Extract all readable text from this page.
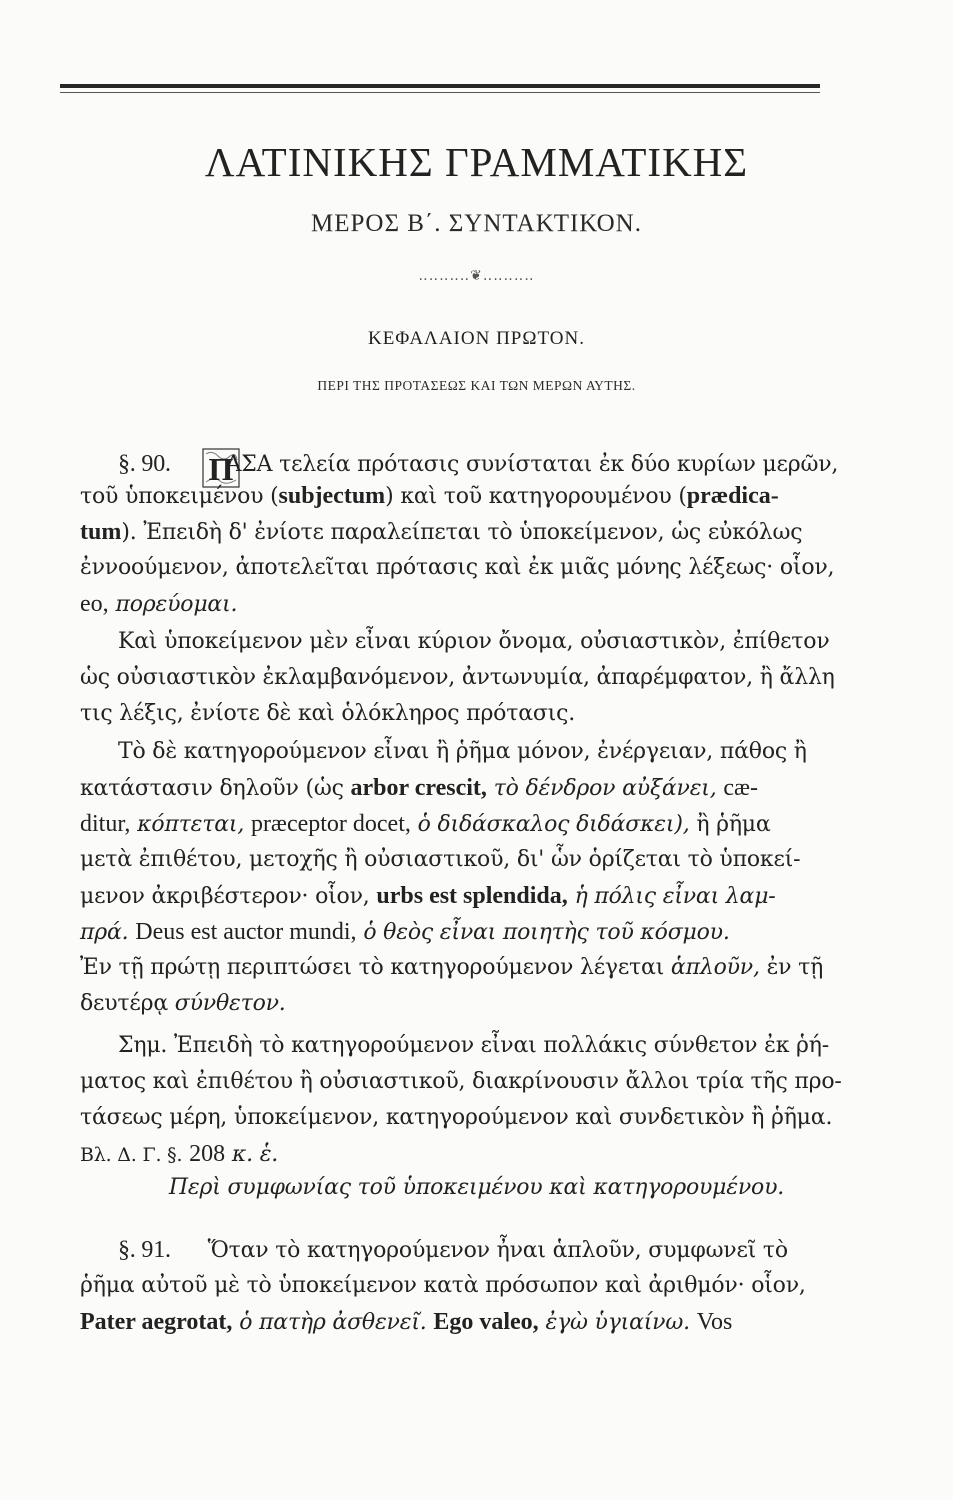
ΛΑΤΙΝΙΚΗΣ ΓΡΑΜΜΑΤΙΚΗΣ
ΜΕΡΟΣ Β΄. ΣΥΝΤΑΚΤΙΚΟΝ.
‥‥‥‥‥❦‥‥‥‥‥
ΚΕΦΑΛΑΙΟΝ ΠΡΩΤΟΝ.
ΠΕΡΙ ΤΗΣ ΠΡΟΤΑΣΕΩΣ ΚΑΙ ΤΩΝ ΜΕΡΩΝ ΑΥΤΗΣ.
Π
§. 90. ΑΣΑ τελεία πρότασις συνίσταται ἐκ δύο κυρίων μερῶν,
τοῦ ὑποκειμένου (subjectum) καὶ τοῦ κατηγορουμένου (prædica-
tum). Ἐπειδὴ δ' ἐνίοτε παραλείπεται τὸ ὑποκείμενον, ὡς εὐκόλως
ἐννοούμενον, ἀποτελεῖται πρότασις καὶ ἐκ μιᾶς μόνης λέξεως· οἷον,
eo, πορεύομαι.
Καὶ ὑποκείμενον μὲν εἶναι κύριον ὄνομα, οὐσιαστικὸν, ἐπίθετον
ὡς οὐσιαστικὸν ἐκλαμβανόμενον, ἀντωνυμία, ἀπαρέμφατον, ἢ ἄλλη
τις λέξις, ἐνίοτε δὲ καὶ ὁλόκληρος πρότασις.
Τὸ δὲ κατηγορούμενον εἶναι ἢ ῥῆμα μόνον, ἐνέργειαν, πάθος ἢ
κατάστασιν δηλοῦν (ὡς arbor crescit, τὸ δένδρον αὐξάνει, cæ-
ditur, κόπτεται, præceptor docet, ὁ διδάσκαλος διδάσκει), ἢ ῥῆμα
μετὰ ἐπιθέτου, μετοχῆς ἢ οὐσιαστικοῦ, δι' ὧν ὁρίζεται τὸ ὑποκεί-
μενον ἀκριβέστερον· οἷον, urbs est splendida, ἡ πόλις εἶναι λαμ-
πρά. Deus est auctor mundi, ὁ θεὸς εἶναι ποιητὴς τοῦ κόσμου.
Ἐν τῇ πρώτῃ περιπτώσει τὸ κατηγορούμενον λέγεται ἁπλοῦν, ἐν τῇ
δευτέρᾳ σύνθετον.
Σημ. Ἐπειδὴ τὸ κατηγορούμενον εἶναι πολλάκις σύνθετον ἐκ ῥή-
ματος καὶ ἐπιθέτου ἢ οὐσιαστικοῦ, διακρίνουσιν ἄλλοι τρία τῆς προ-
τάσεως μέρη, ὑποκείμενον, κατηγορούμενον καὶ συνδετικὸν ἢ ῥῆμα.
Βλ. Δ. Γ. §. 208 κ. ἑ.
Περὶ συμφωνίας τοῦ ὑποκειμένου καὶ κατηγορουμένου.
§. 91. Ὅταν τὸ κατηγορούμενον ἦναι ἁπλοῦν, συμφωνεῖ τὸ
ῥῆμα αὐτοῦ μὲ τὸ ὑποκείμενον κατὰ πρόσωπον καὶ ἀριθμόν· οἷον,
Pater aegrotat, ὁ πατὴρ ἀσθενεῖ. Ego valeo, ἐγὼ ὑγιαίνω. Vos
